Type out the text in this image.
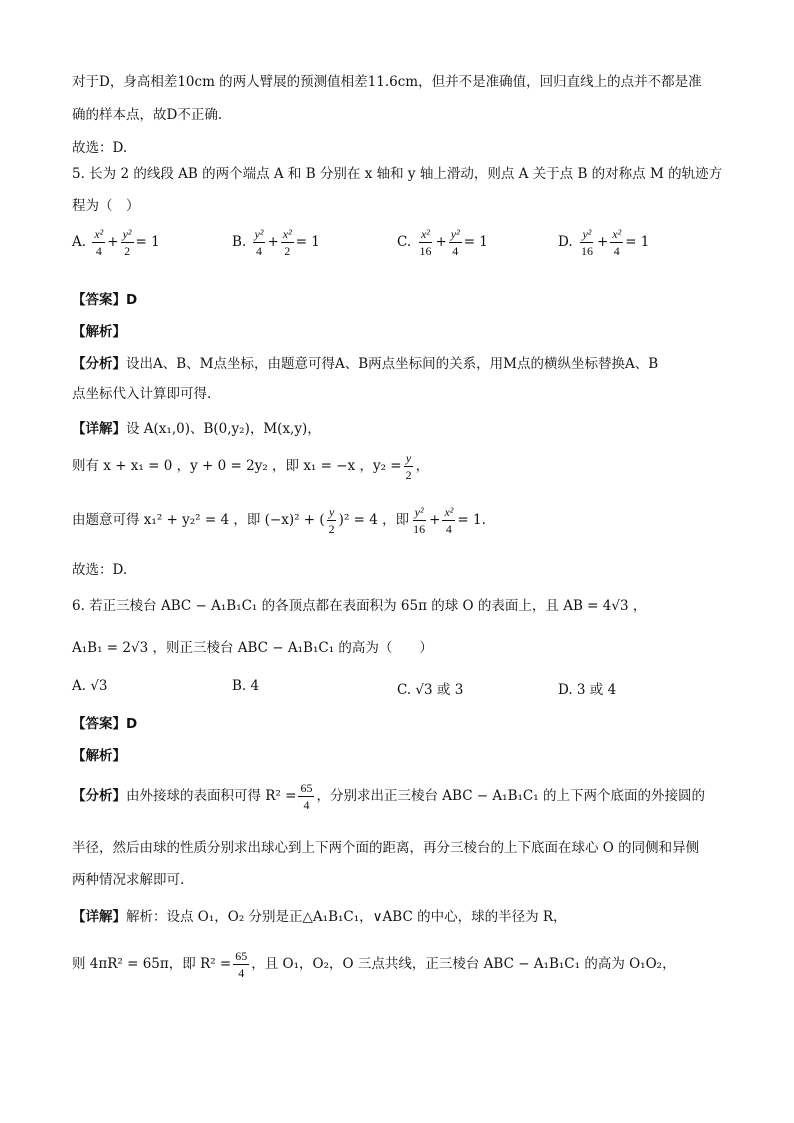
对于D，身高相差10cm 的两人臂展的预测值相差11.6cm，但并不是准确值，回归直线上的点并不都是准
确的样本点，故D不正确.
故选：D.
5. 长为 2 的线段 AB 的两个端点 A 和 B 分别在 x 轴和 y 轴上滑动，则点 A 关于点 B 的对称点 M 的轨迹方
程为（　）
A. $\frac{\text{x²}}{4} + \frac{\text{y²}}{2} = 1$	B. $\frac{\text{y²}}{4} + \frac{\text{x²}}{2} = 1$	C. $\frac{\text{x²}}{16} + \frac{\text{y²}}{4} = 1$	D. $\frac{\text{y²}}{16} + \frac{\text{x²}}{4} = 1$
【答案】D
【解析】
【分析】设出A、B、M点坐标，由题意可得A、B两点坐标间的关系，用M点的横纵坐标替换A、B
点坐标代入计算即可得.
【详解】设 A(x₁,0)、B(0,y₂)，M(x,y)，
则有 x + x₁ = 0 ，y + 0 = 2y₂ ，即 x₁ = −x ，$y_2 = \frac{y}{2}$ ，
由题意可得 x₁² + y₂² = 4 ，即 (−x)² + ( $\frac{y}{2} )^2 = 4$ ，即 $\frac{\text{y²}}{16} + \frac{\text{x²}}{4} = 1$.
故选：D.
6. 若正三棱台 ABC − A₁B₁C₁ 的各顶点都在表面积为 65π 的球 O 的表面上，且 AB = 4√3 ，
A₁B₁ = 2√3 ，则正三棱台 ABC − A₁B₁C₁ 的高为（　　）
A. √3	B. 4	C. √3 或 3	D. 3 或 4
【答案】D
【解析】
【分析】由外接球的表面积可得 $R^2 = \frac{65}{4}$ ，分别求出正三棱台 ABC − A₁B₁C₁ 的上下两个底面的外接圆的
半径，然后由球的性质分别求出球心到上下两个面的距离，再分三棱台的上下底面在球心 O 的同侧和异侧
两种情况求解即可.
【详解】解析：设点 O₁，O₂ 分别是正△A₁B₁C₁，∨ABC 的中心，球的半径为 R，
则 4πR² = 65π，即 $R^2 = \frac{65}{4}$ ，且 O₁，O₂，O 三点共线，正三棱台 ABC − A₁B₁C₁ 的高为 O₁O₂，
